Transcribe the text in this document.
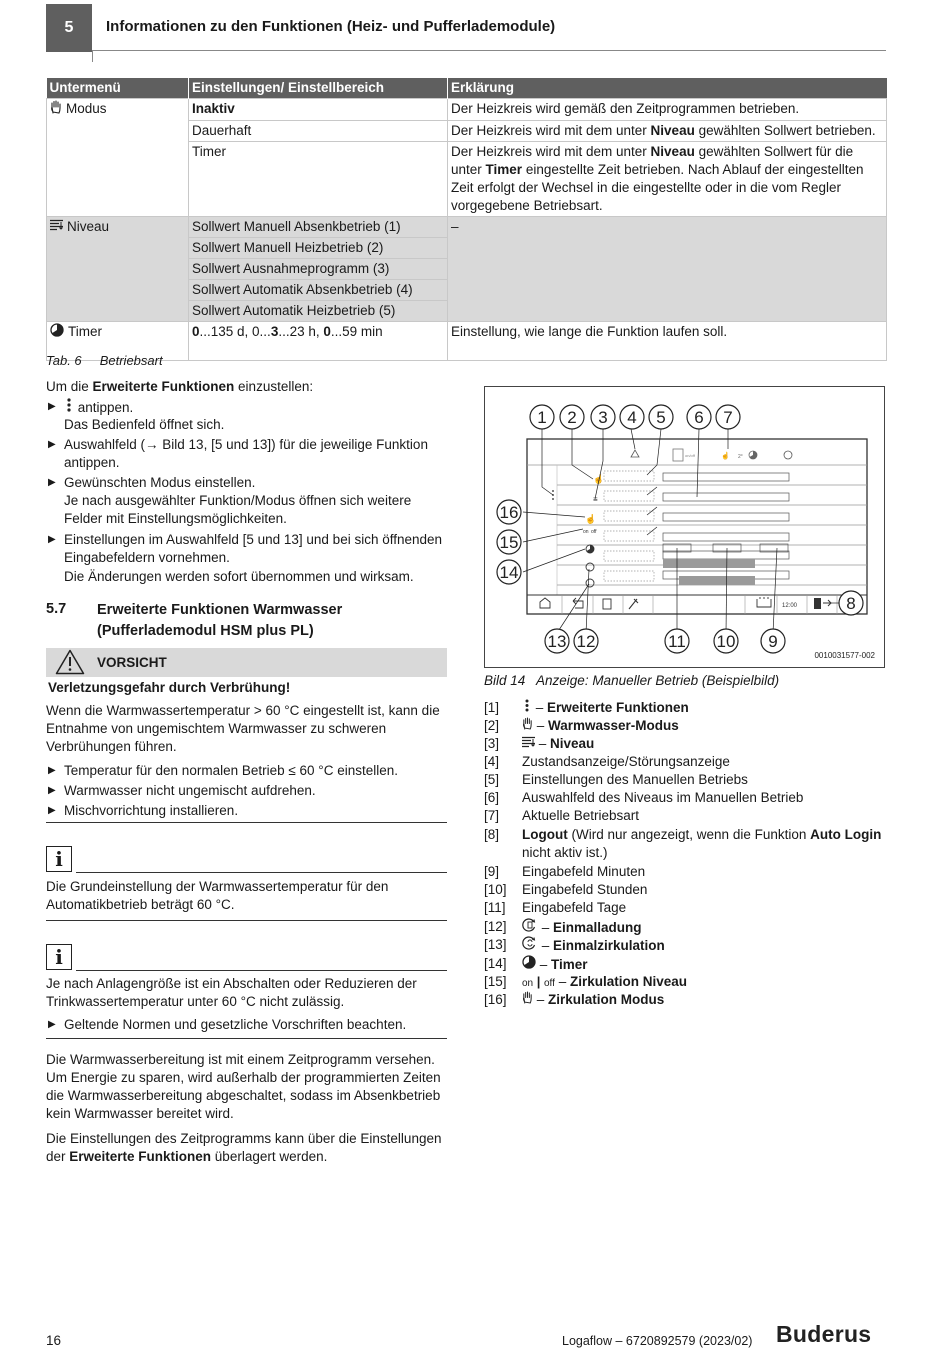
5	Informationen zu den Funktionen (Heiz- und Pufferlademodule)
Untermenü	Einstellungen/ Einstellbereich	Erklärung
Modus	Inaktiv	Der Heizkreis wird gemäß den Zeitprogrammen betrieben.
	Dauerhaft	Der Heizkreis wird mit dem unter Niveau gewählten Sollwert betrieben.
	Timer	Der Heizkreis wird mit dem unter Niveau gewählten Sollwert für die unter Timer eingestellte Zeit betrieben. Nach Ablauf der eingestellten Zeit erfolgt der Wechsel in die eingestellte oder in die vom Regler vorgegebene Betriebsart.
Niveau	Sollwert Manuell Absenkbetrieb (1)	–
	Sollwert Manuell Heizbetrieb (2)	
	Sollwert Ausnahmeprogramm (3)	
	Sollwert Automatik Absenkbetrieb (4)	
	Sollwert Automatik Heizbetrieb (5)	
Timer	0...135 d, 0...3...23 h, 0...59 min	Einstellung, wie lange die Funktion laufen soll.
Tab. 6     Betriebsart
Um die Erweiterte Funktionen einzustellen:
▶ antippen.
Das Bedienfeld öffnet sich.
▶ Auswahlfeld (→ Bild 13, [5 und 13]) für die jeweilige Funktion antippen.
▶ Gewünschten Modus einstellen.
Je nach ausgewählter Funktion/Modus öffnen sich weitere Felder mit Einstellungsmöglichkeiten.
▶ Einstellungen im Auswahlfeld [5 und 13] und bei sich öffnenden Eingabefeldern vornehmen.
Die Änderungen werden sofort übernommen und wirksam.
5.7 Erweiterte Funktionen Warmwasser (Pufferlademodul HSM plus PL)
VORSICHT
Verletzungsgefahr durch Verbrühung!
Wenn die Warmwassertemperatur > 60 °C eingestellt ist, kann die Entnahme von ungemischtem Warmwasser zu schweren Verbrühungen führen.
▶ Temperatur für den normalen Betrieb ≤ 60 °C einstellen.
▶ Warmwasser nicht ungemischt aufdrehen.
▶ Mischvorrichtung installieren.
i
Die Grundeinstellung der Warmwassertemperatur für den Automatikbetrieb beträgt 60 °C.
i
Je nach Anlagengröße ist ein Abschalten oder Reduzieren der Trinkwassertemperatur unter 60 °C nicht zulässig.
▶ Geltende Normen und gesetzliche Vorschriften beachten.
Die Warmwasserbereitung ist mit einem Zeitprogramm versehen. Um Energie zu sparen, wird außerhalb der programmierten Zeiten die Warmwasserbereitung abgeschaltet, sodass im Absenkbetrieb kein Warmwasser bereitet wird.
Die Einstellungen des Zeitprogramms kann über die Einstellungen der Erweiterte Funktionen überlagert werden.
on/off	☝ 2°
☝
≡
☝
on off
12:00
1 2 3 4 5 6 7
8
9
10
11
12
13
14
15
16
0010031577-002
Bild 14   Anzeige: Manueller Betrieb (Beispielbild)
[1]	– Erweiterte Funktionen
[2]	– Warmwasser-Modus
[3]	– Niveau
[4]	Zustandsanzeige/Störungsanzeige
[5]	Einstellungen des Manuellen Betriebs
[6]	Auswahlfeld des Niveaus im Manuellen Betrieb
[7]	Aktuelle Betriebsart
[8]	Logout (Wird nur angezeigt, wenn die Funktion Auto Login nicht aktiv ist.)
[9]	Eingabefeld Minuten
[10]	Eingabefeld Stunden
[11]	Eingabefeld Tage
[12]	– Einmalladung
[13]	– Einmalzirkulation
[14]	– Timer
[15]	on | off – Zirkulation Niveau
[16]	– Zirkulation Modus
16	Logaflow – 6720892579 (2023/02) Buderus
